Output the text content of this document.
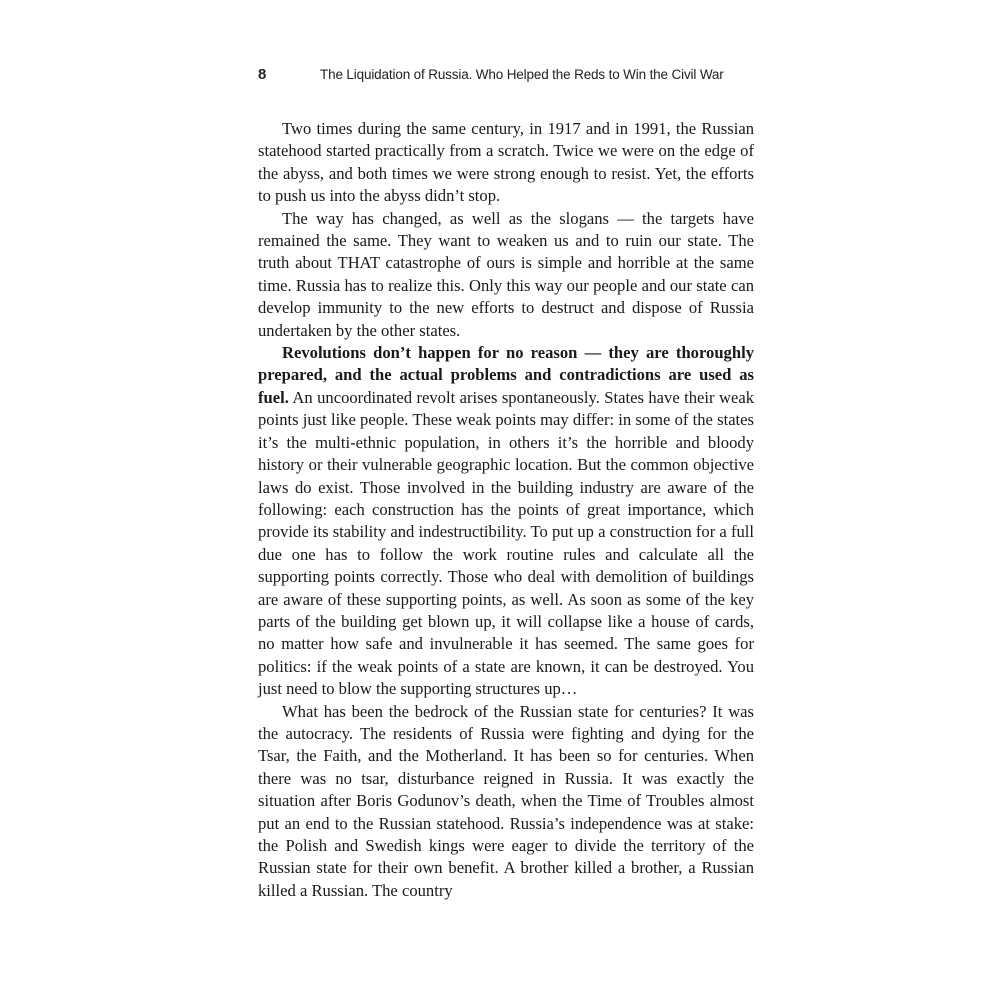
8	The Liquidation of Russia. Who Helped the Reds to Win the Civil War

Two times during the same century, in 1917 and in 1991, the Russian statehood started practically from a scratch. Twice we were on the edge of the abyss, and both times we were strong enough to resist. Yet, the efforts to push us into the abyss didn’t stop.

The way has changed, as well as the slogans — the targets have remained the same. They want to weaken us and to ruin our state. The truth about THAT catastrophe of ours is simple and horrible at the same time. Russia has to realize this. Only this way our people and our state can develop immunity to the new efforts to destruct and dispose of Russia undertaken by the other states.

Revolutions don’t happen for no reason — they are thoroughly prepared, and the actual problems and contradictions are used as fuel. An uncoordinated revolt arises spontaneously. States have their weak points just like people. These weak points may differ: in some of the states it’s the multi-ethnic population, in others it’s the horrible and bloody history or their vulnerable geographic location. But the common objective laws do exist. Those involved in the building industry are aware of the following: each construction has the points of great importance, which provide its stability and indestructibility. To put up a construction for a full due one has to follow the work routine rules and calculate all the supporting points correctly. Those who deal with demolition of buildings are aware of these supporting points, as well. As soon as some of the key parts of the building get blown up, it will collapse like a house of cards, no matter how safe and invulnerable it has seemed. The same goes for politics: if the weak points of a state are known, it can be destroyed. You just need to blow the supporting structures up…

What has been the bedrock of the Russian state for centuries? It was the autocracy. The residents of Russia were fighting and dying for the Tsar, the Faith, and the Motherland. It has been so for centuries. When there was no tsar, disturbance reigned in Russia. It was exactly the situation after Boris Godunov’s death, when the Time of Troubles almost put an end to the Russian statehood. Russia’s independence was at stake: the Polish and Swedish kings were eager to divide the territory of the Russian state for their own benefit. A brother killed a brother, a Russian killed a Russian. The country
